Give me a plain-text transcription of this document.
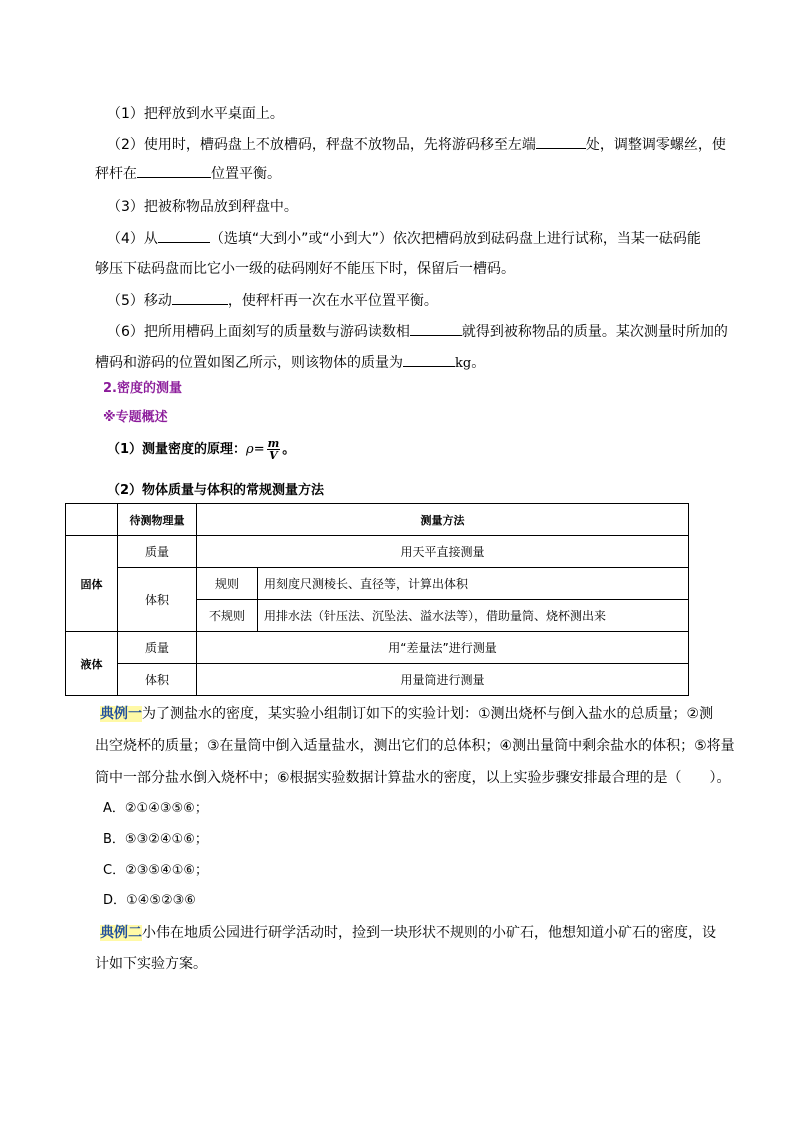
（1）把秤放到水平桌面上。
（2）使用时，槽码盘上不放槽码，秤盘不放物品，先将游码移至左端	处，调整调零螺丝，使
秤杆在	位置平衡。
（3）把被称物品放到秤盘中。
（4）从	（选填“大到小”或“小到大”）依次把槽码放到砝码盘上进行试称，当某一砝码能
够压下砝码盘而比它小一级的砝码刚好不能压下时，保留后一槽码。
（5）移动	，使秤杆再一次在水平位置平衡。
（6）把所用槽码上面刻写的质量数与游码读数相	就得到被称物品的质量。某次测量时所加的
槽码和游码的位置如图乙所示，则该物体的质量为	kg。
2.密度的测量
※专题概述
（1）测量密度的原理：$\rho= \frac{m}{V}$ 。
（2）物体质量与体积的常规测量方法
	待测物理量	测量方法	
固体	质量	用天平直接测量	
	体积	规则	用刻度尺测棱长、直径等，计算出体积
		不规则	用排水法（针压法、沉坠法、溢水法等），借助量筒、烧杯测出来
液体	质量	用“差量法”进行测量	
	体积	用量筒进行测量	
典例一为了测盐水的密度，某实验小组制订如下的实验计划：①测出烧杯与倒入盐水的总质量；②测
出空烧杯的质量；③在量筒中倒入适量盐水，测出它们的总体积；④测出量筒中剩余盐水的体积；⑤将量
筒中一部分盐水倒入烧杯中；⑥根据实验数据计算盐水的密度，以上实验步骤安排最合理的是（　　）。
A．②①④③⑤⑥；
B．⑤③②④①⑥；
C．②③⑤④①⑥；
D．①④⑤②③⑥
典例二小伟在地质公园进行研学活动时，捡到一块形状不规则的小矿石，他想知道小矿石的密度，设
计如下实验方案。
